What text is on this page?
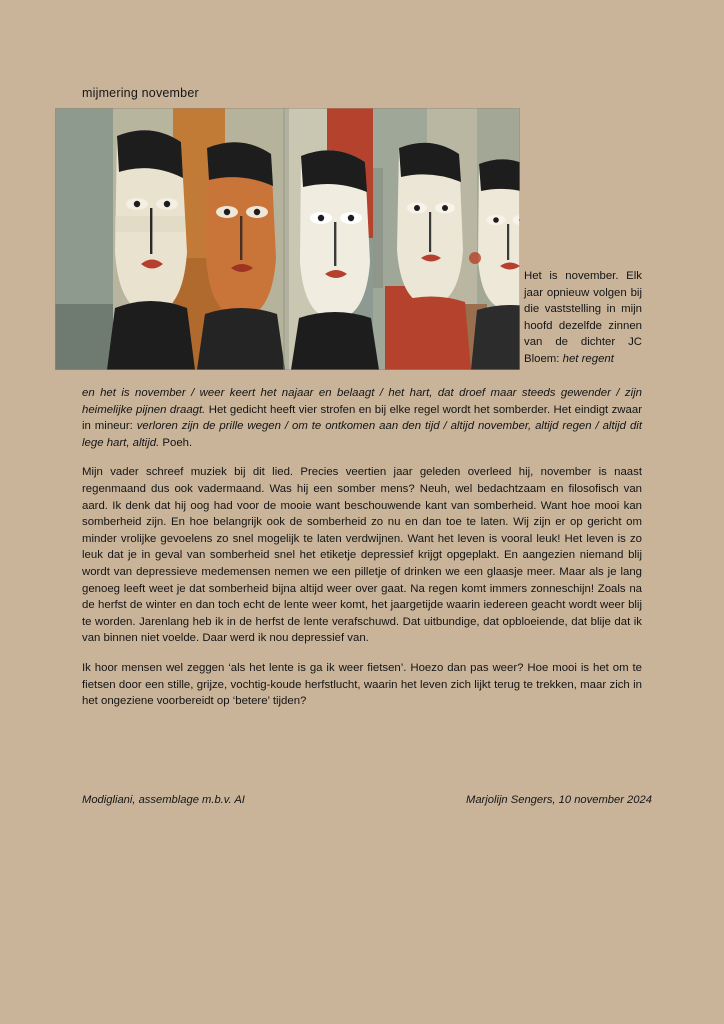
mijmering november
Het is november. Elk jaar opnieuw volgen bij die vaststelling in mijn hoofd dezelfde zinnen van de dichter JC Bloem: het regent

en het is november / weer keert het najaar en belaagt / het hart, dat droef maar steeds gewender / zijn heimelijke pijnen draagt. Het gedicht heeft vier strofen en bij elke regel wordt het somberder. Het eindigt zwaar in mineur: verloren zijn de prille wegen / om te ontkomen aan den tijd / altijd november, altijd regen / altijd dit lege hart, altijd. Poeh.

Mijn vader schreef muziek bij dit lied. Precies veertien jaar geleden overleed hij, november is naast regenmaand dus ook vadermaand. Was hij een somber mens? Neuh, wel bedachtzaam en filosofisch van aard. Ik denk dat hij oog had voor de mooie want beschouwende kant van somberheid. Want hoe mooi kan somberheid zijn. En hoe belangrijk ook de somberheid zo nu en dan toe te laten. Wij zijn er op gericht om minder vrolijke gevoelens zo snel mogelijk te laten verdwijnen. Want het leven is vooral leuk! Het leven is zo leuk dat je in geval van somberheid snel het etiketje depressief krijgt opgeplakt. En aangezien niemand blij wordt van depressieve medemensen nemen we een pilletje of drinken we een glaasje meer. Maar als je lang genoeg leeft weet je dat somberheid bijna altijd weer over gaat. Na regen komt immers zonneschijn! Zoals na de herfst de winter en dan toch echt de lente weer komt, het jaargetijde waarin iedereen geacht wordt weer blij te worden. Jarenlang heb ik in de herfst de lente verafschuwd. Dat uitbundige, dat opbloeiende, dat blije dat ik van binnen niet voelde. Daar werd ik nou depressief van.

Ik hoor mensen wel zeggen ‘als het lente is ga ik weer fietsen’. Hoezo dan pas weer? Hoe mooi is het om te fietsen door een stille, grijze, vochtig-koude herfstlucht, waarin het leven zich lijkt terug te trekken, maar zich in het ongeziene voorbereidt op ‘betere’ tijden?

Modigliani, assemblage m.b.v. AI	Marjolijn Sengers, 10 november 2024
